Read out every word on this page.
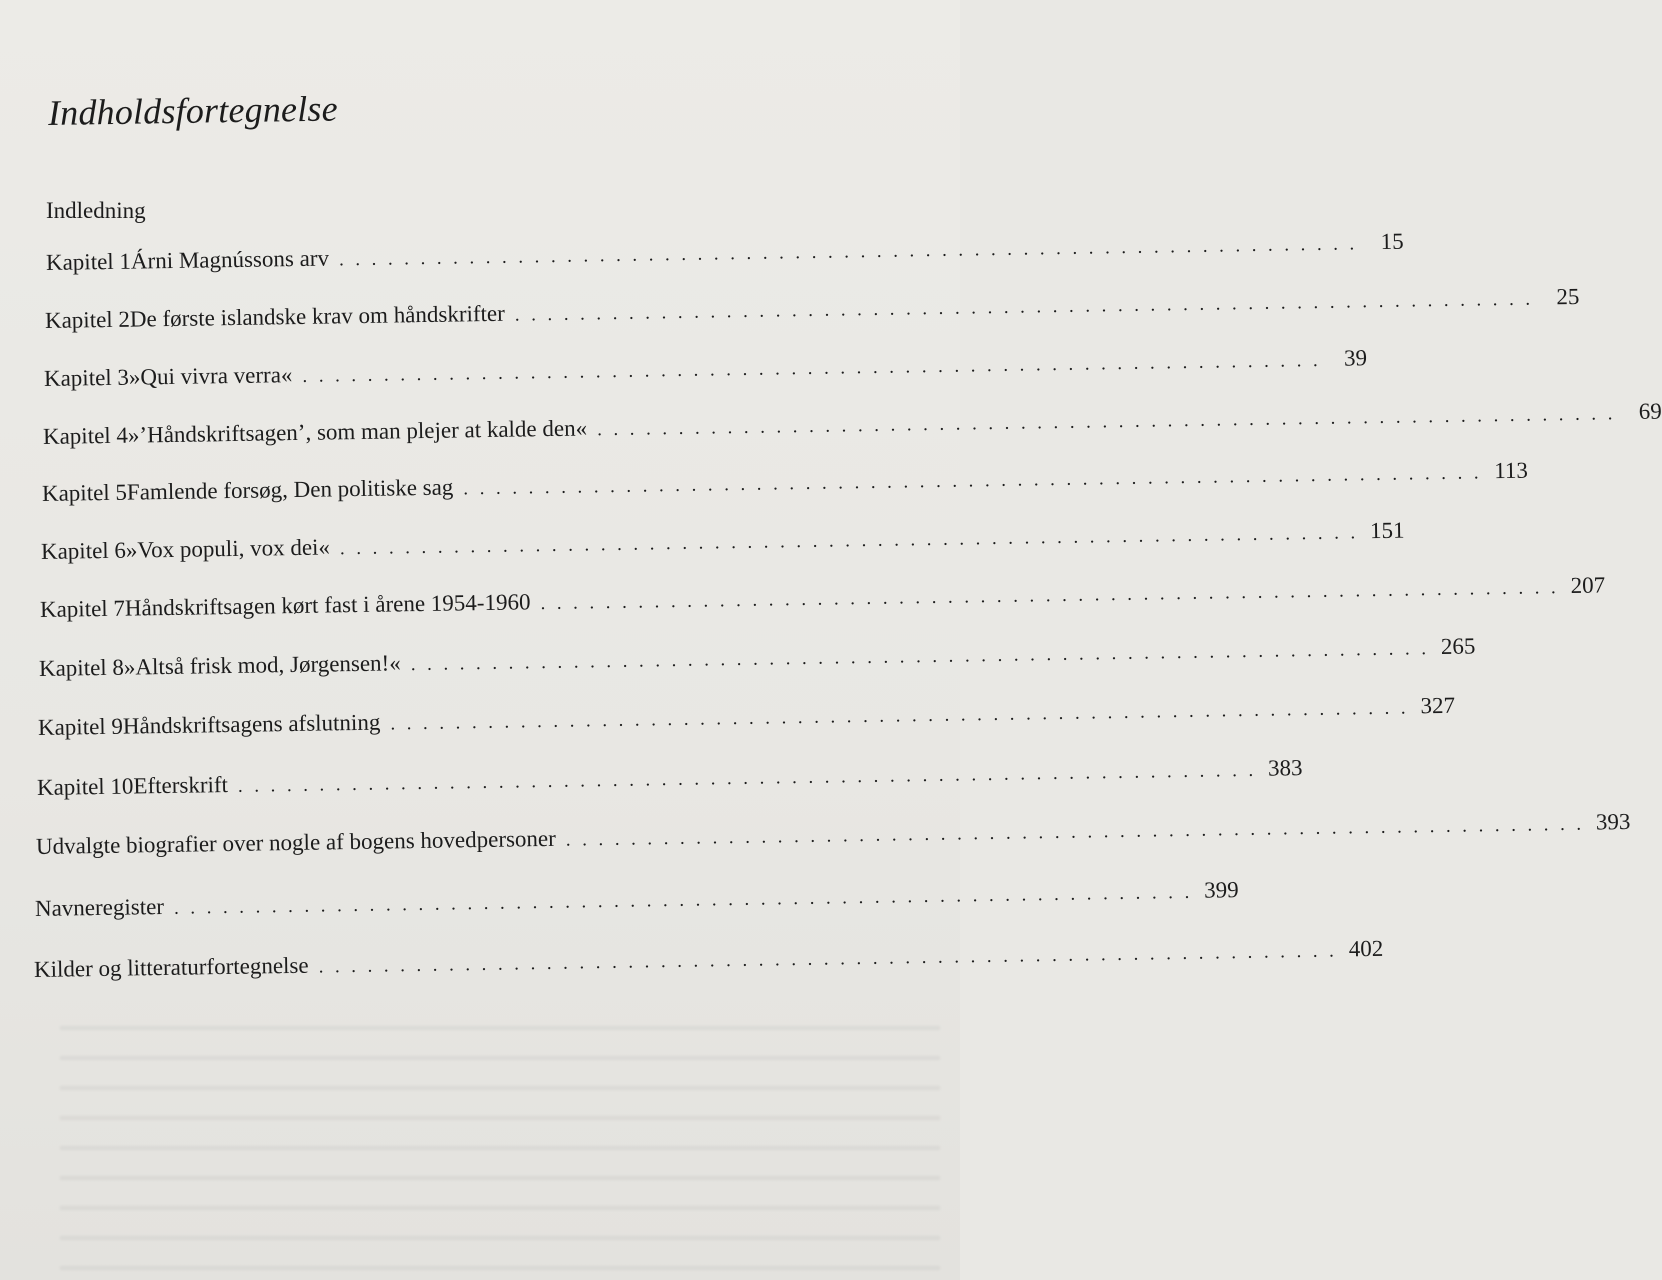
Indholdsfortegnelse
Indledning
Kapitel 1 Árni Magnússons arv . . . . . . . . . . . . . . . . . . . . . . . . . . . . . . . . . . . . . . . . . . . . . . . . . . . . . . . . . . . . . . . 15
Kapitel 2 De første islandske krav om håndskrifter . . . . . . . . . . . . . . . . . . . . . . . . . . . . . . . . . . . . . . . . . . . . . . . . . . . . . . . . . . . . . . . 25
Kapitel 3 »Qui vivra verra« . . . . . . . . . . . . . . . . . . . . . . . . . . . . . . . . . . . . . . . . . . . . . . . . . . . . . . . . . . . . . . . 39
Kapitel 4 »’Håndskriftsagen’, som man plejer at kalde den« . . . . . . . . . . . . . . . . . . . . . . . . . . . . . . . . . . . . . . . . . . . . . . . . . . . . . . . . . . . . . . . 69
Kapitel 5 Famlende forsøg, Den politiske sag . . . . . . . . . . . . . . . . . . . . . . . . . . . . . . . . . . . . . . . . . . . . . . . . . . . . . . . . . . . . . . . 113
Kapitel 6 »Vox populi, vox dei« . . . . . . . . . . . . . . . . . . . . . . . . . . . . . . . . . . . . . . . . . . . . . . . . . . . . . . . . . . . . . . . 151
Kapitel 7 Håndskriftsagen kørt fast i årene 1954-1960 . . . . . . . . . . . . . . . . . . . . . . . . . . . . . . . . . . . . . . . . . . . . . . . . . . . . . . . . . . . . . . . 207
Kapitel 8 »Altså frisk mod, Jørgensen!« . . . . . . . . . . . . . . . . . . . . . . . . . . . . . . . . . . . . . . . . . . . . . . . . . . . . . . . . . . . . . . . 265
Kapitel 9 Håndskriftsagens afslutning . . . . . . . . . . . . . . . . . . . . . . . . . . . . . . . . . . . . . . . . . . . . . . . . . . . . . . . . . . . . . . . 327
Kapitel 10 Efterskrift . . . . . . . . . . . . . . . . . . . . . . . . . . . . . . . . . . . . . . . . . . . . . . . . . . . . . . . . . . . . . . . 383
Udvalgte biografier over nogle af bogens hovedpersoner . . . . . . . . . . . . . . . . . . . . . . . . . . . . . . . . . . . . . . . . . . . . . . . . . . . . . . . . . . . . . . . 393
Navneregister . . . . . . . . . . . . . . . . . . . . . . . . . . . . . . . . . . . . . . . . . . . . . . . . . . . . . . . . . . . . . . . 399
Kilder og litteraturfortegnelse . . . . . . . . . . . . . . . . . . . . . . . . . . . . . . . . . . . . . . . . . . . . . . . . . . . . . . . . . . . . . . . 402
